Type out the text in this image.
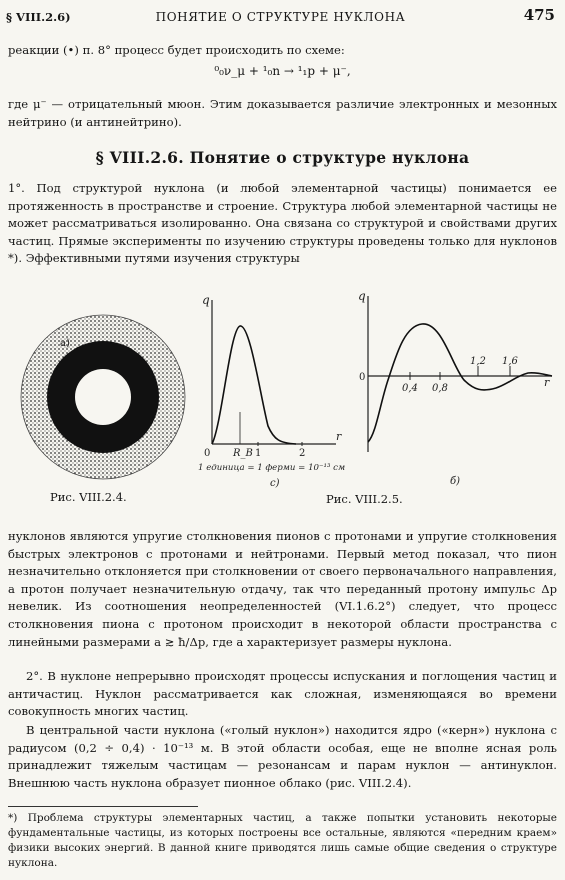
§ VIII.2.6)	ПОНЯТИЕ О СТРУКТУРЕ НУКЛОНА	475

реакции (•) п. 8° процесс будет происходить по схеме:

⁰₀ν_μ + ¹₀n → ¹₁p + μ⁻,

где μ⁻ — отрицательный мюон. Этим доказывается различие электронных и мезонных нейтрино (и антинейтрино).

§ VIII.2.6. Понятие о структуре нуклона

1°. Под структурой нуклона (и любой элементарной частицы) понимается ее протяженность в пространстве и строение. Структура любой элементарной частицы не может рассматриваться изолированно. Она связана со структурой и свойствами других частиц. Прямые эксперименты по изучению структуры проведены только для нуклонов *). Эффективными путями изучения структуры

a)
Рис. VIII.2.4.
q
r
0 R_B 1	2
1 единица = 1 ферми = 10⁻¹³ см
c)
q
r
0
0,4 0,8
1,2 1,6
б)
Рис. VIII.2.5.

нуклонов являются упругие столкновения пионов с протонами и упругие столкновения быстрых электронов с протонами и нейтронами. Первый метод показал, что пион незначительно отклоняется при столкновении от своего первоначального направления, а протон получает незначительную отдачу, так что переданный протону импульс Δp невелик. Из соотношения неопределенностей (VI.1.6.2°) следует, что процесс столкновения пиона с протоном происходит в некоторой области пространства с линейными размерами a ≳ ħ/Δp, где a характеризует размеры нуклона.

2°. В нуклоне непрерывно происходят процессы испускания и поглощения частиц и античастиц. Нуклон рассматривается как сложная, изменяющаяся во времени совокупность многих частиц.

В центральной части нуклона («голый нуклон») находится ядро («керн») нуклона с радиусом (0,2 ÷ 0,4) · 10⁻¹³ м. В этой области особая, еще не вполне ясная роль принадлежит тяжелым частицам — резонансам и парам нуклон — антинуклон. Внешнюю часть нуклона образует пионное облако (рис. VIII.2.4).

*) Проблема структуры элементарных частиц, а также попытки установить некоторые фундаментальные частицы, из которых построены все остальные, являются «передним краем» физики высоких энергий. В данной книге приводятся лишь самые общие сведения о структуре нуклона.
